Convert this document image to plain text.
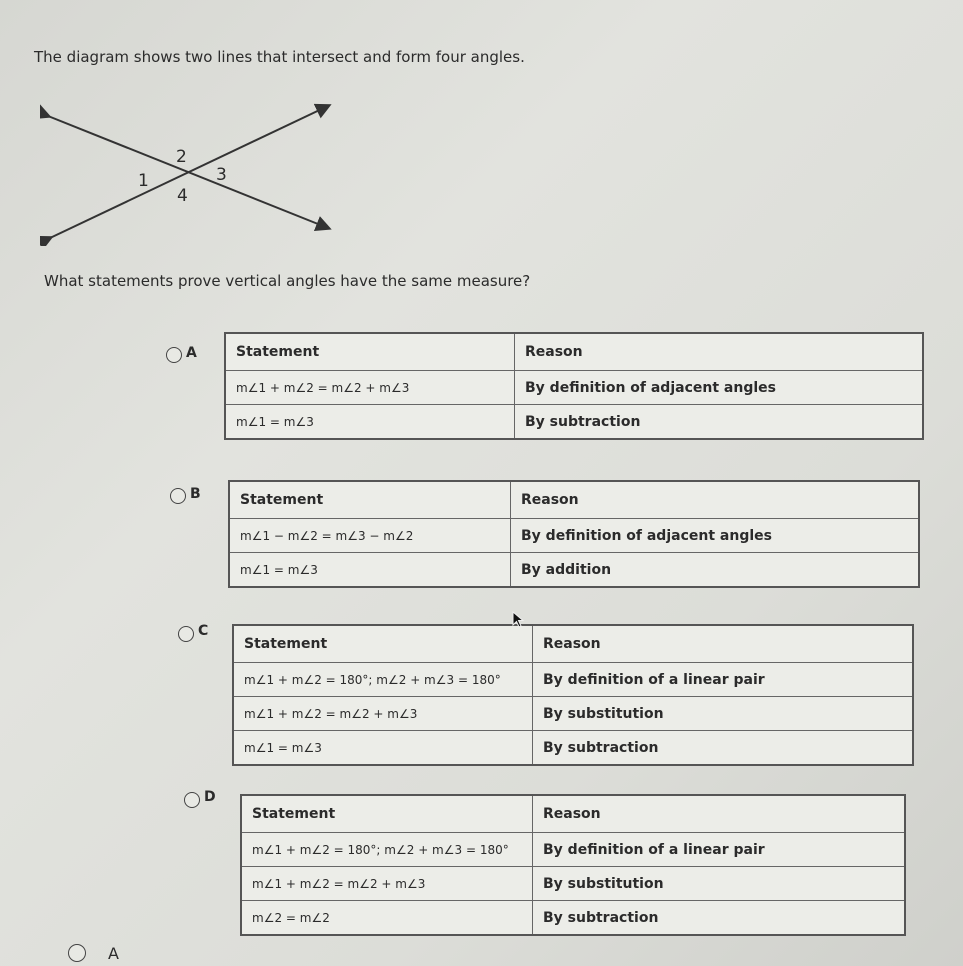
The diagram shows two lines that intersect and form four angles.
1
2
3
4
What statements prove vertical angles have the same measure?
A	Statement	Reason
m∠1 + m∠2 = m∠2 + m∠3	By definition of adjacent angles
m∠1 = m∠3	By subtraction
B	Statement	Reason
m∠1 − m∠2 = m∠3 − m∠2	By definition of adjacent angles
m∠1 = m∠3	By addition
C
Statement	Reason
m∠1 + m∠2 = 180°; m∠2 + m∠3 = 180°	By definition of a linear pair
m∠1 + m∠2 = m∠2 + m∠3	By substitution
m∠1 = m∠3	By subtraction
D
Statement	Reason
m∠1 + m∠2 = 180°; m∠2 + m∠3 = 180°	By definition of a linear pair
m∠1 + m∠2 = m∠2 + m∠3	By substitution
m∠2 = m∠2	By subtraction
A
